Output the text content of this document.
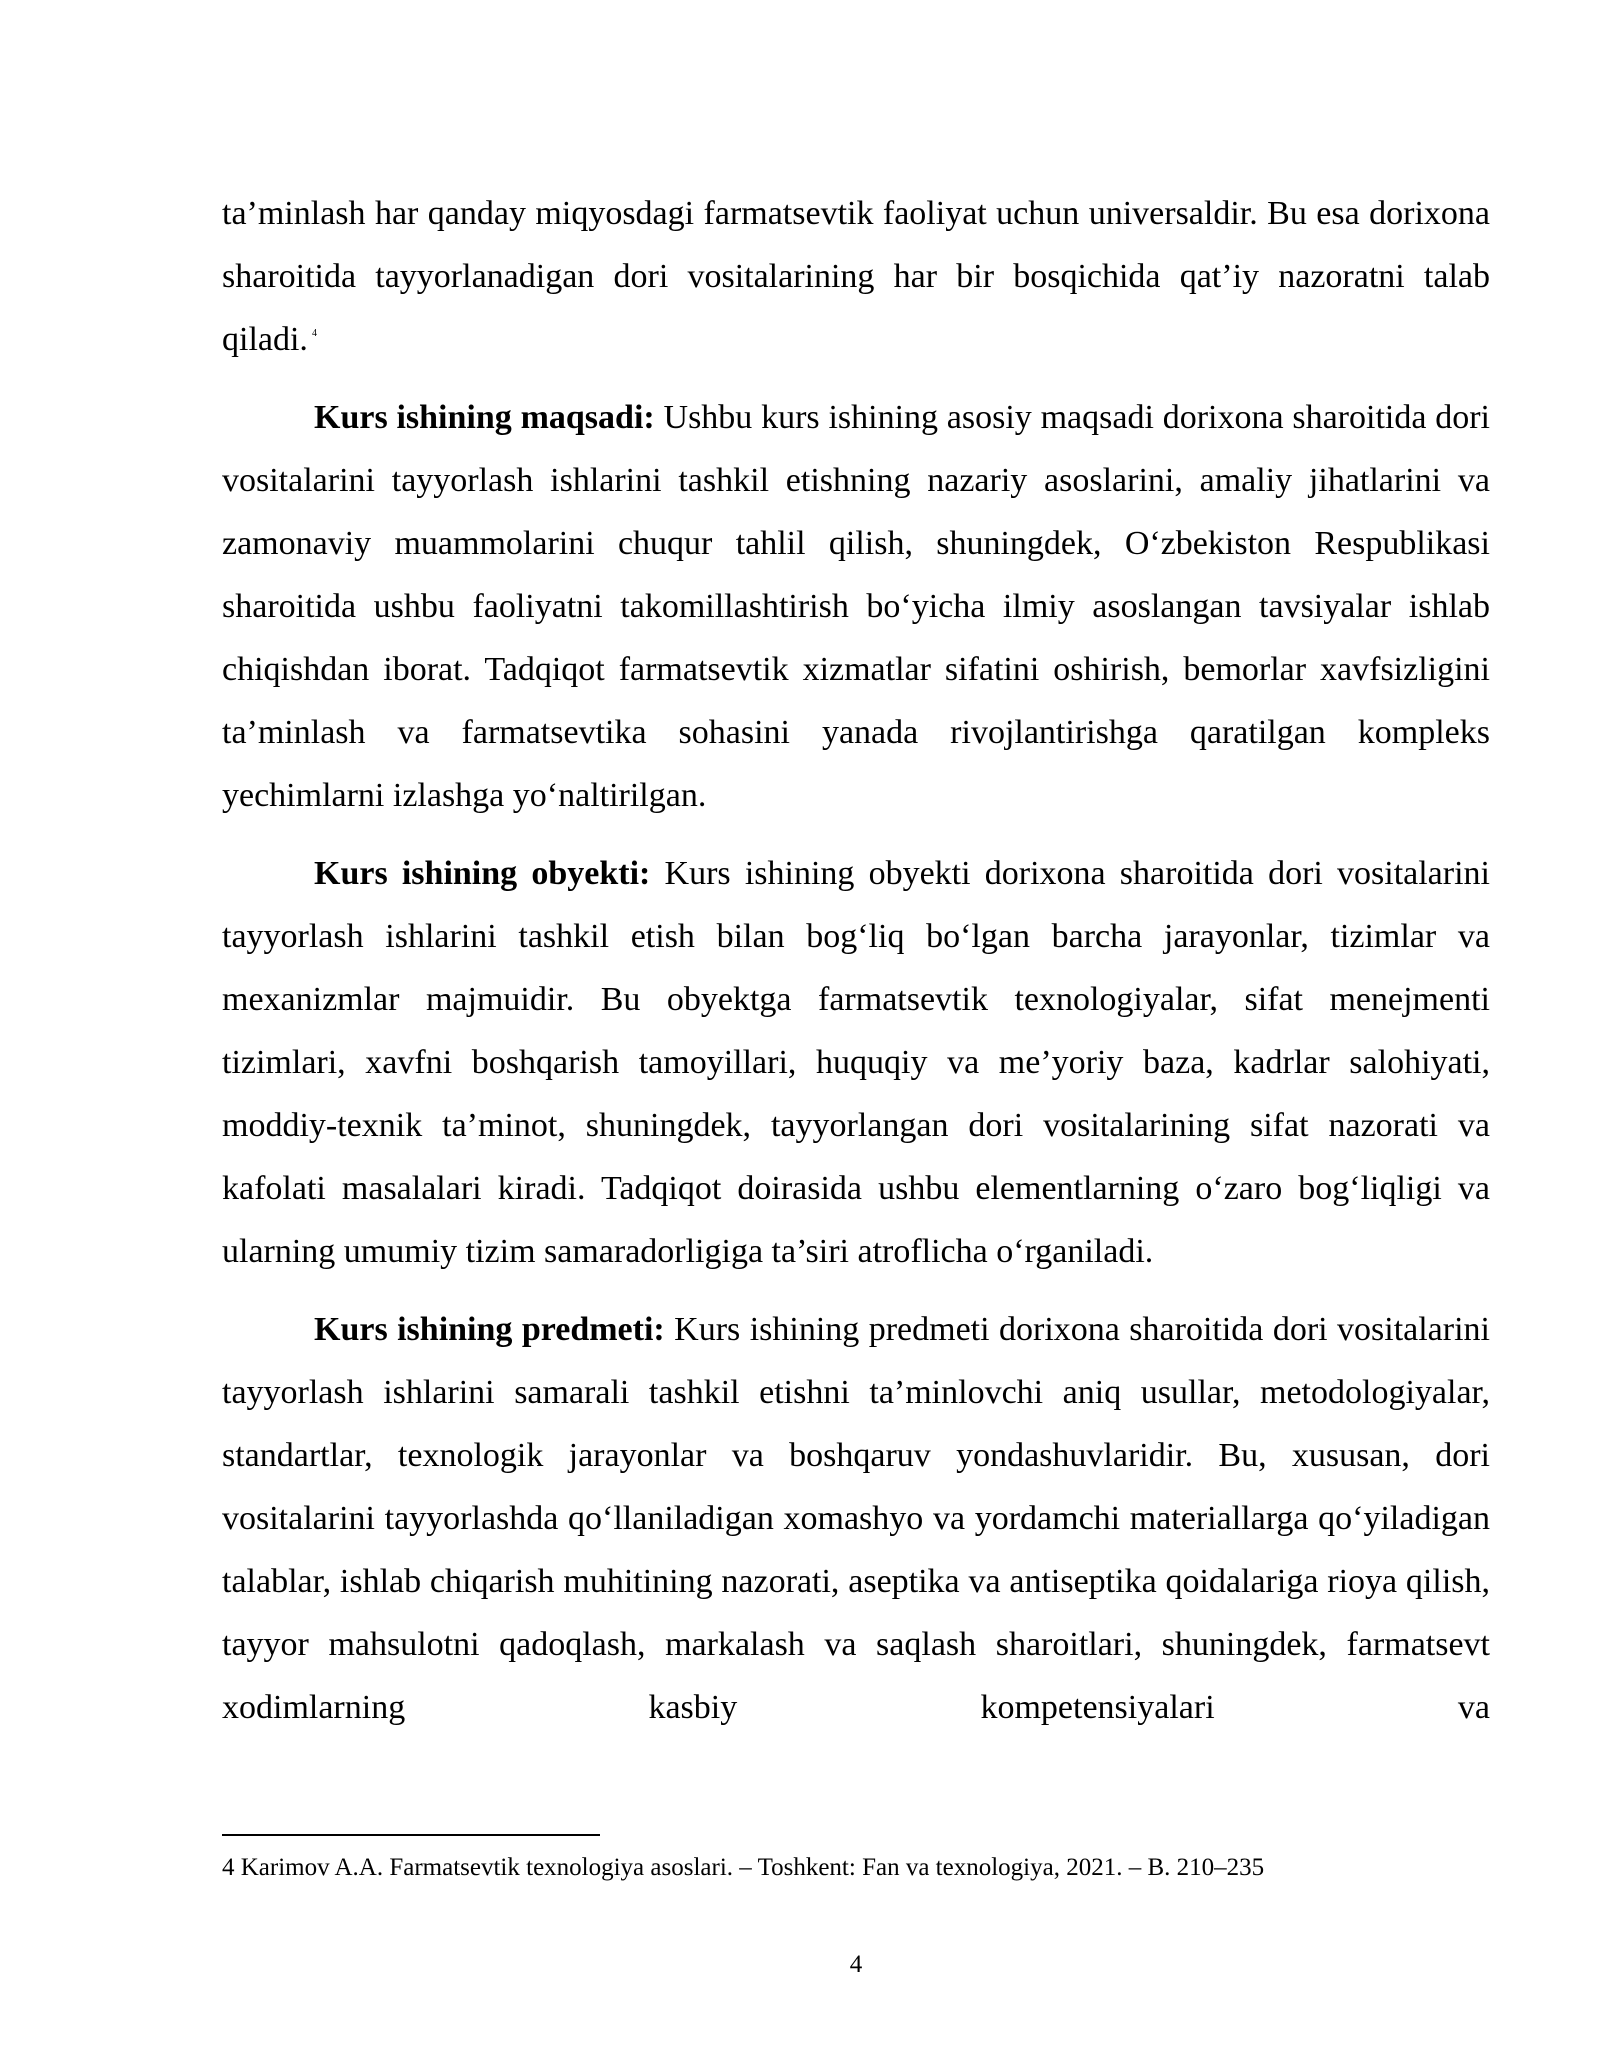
ta’minlash har qanday miqyosdagi farmatsevtik faoliyat uchun universaldir. Bu esa dorixona sharoitida tayyorlanadigan dori vositalarining har bir bosqichida qat’iy nazoratni talab qiladi. $^4$

Kurs ishining maqsadi: Ushbu kurs ishining asosiy maqsadi dorixona sharoitida dori vositalarini tayyorlash ishlarini tashkil etishning nazariy asoslarini, amaliy jihatlarini va zamonaviy muammolarini chuqur tahlil qilish, shuningdek, O‘zbekiston Respublikasi sharoitida ushbu faoliyatni takomillashtirish bo‘yicha ilmiy asoslangan tavsiyalar ishlab chiqishdan iborat. Tadqiqot farmatsevtik xizmatlar sifatini oshirish, bemorlar xavfsizligini ta’minlash va farmatsevtika sohasini yanada rivojlantirishga qaratilgan kompleks yechimlarni izlashga yo‘naltirilgan.

Kurs ishining obyekti: Kurs ishining obyekti dorixona sharoitida dori vositalarini tayyorlash ishlarini tashkil etish bilan bog‘liq bo‘lgan barcha jarayonlar, tizimlar va mexanizmlar majmuidir. Bu obyektga farmatsevtik texnologiyalar, sifat menejmenti tizimlari, xavfni boshqarish tamoyillari, huquqiy va me’yoriy baza, kadrlar salohiyati, moddiy-texnik ta’minot, shuningdek, tayyorlangan dori vositalarining sifat nazorati va kafolati masalalari kiradi. Tadqiqot doirasida ushbu elementlarning o‘zaro bog‘liqligi va ularning umumiy tizim samaradorligiga ta’siri atroflicha o‘rganiladi.

Kurs ishining predmeti: Kurs ishining predmeti dorixona sharoitida dori vositalarini tayyorlash ishlarini samarali tashkil etishni ta’minlovchi aniq usullar, metodologiyalar, standartlar, texnologik jarayonlar va boshqaruv yondashuvlaridir. Bu, xususan, dori vositalarini tayyorlashda qo‘llaniladigan xomashyo va yordamchi materiallarga qo‘yiladigan talablar, ishlab chiqarish muhitining nazorati, aseptika va antiseptika qoidalariga rioya qilish, tayyor mahsulotni qadoqlash, markalash va saqlash sharoitlari, shuningdek, farmatsevt xodimlarning kasbiy kompetensiyalari va

4 Karimov A.A. Farmatsevtik texnologiya asoslari. – Toshkent: Fan va texnologiya, 2021. – B. 210–235
4
